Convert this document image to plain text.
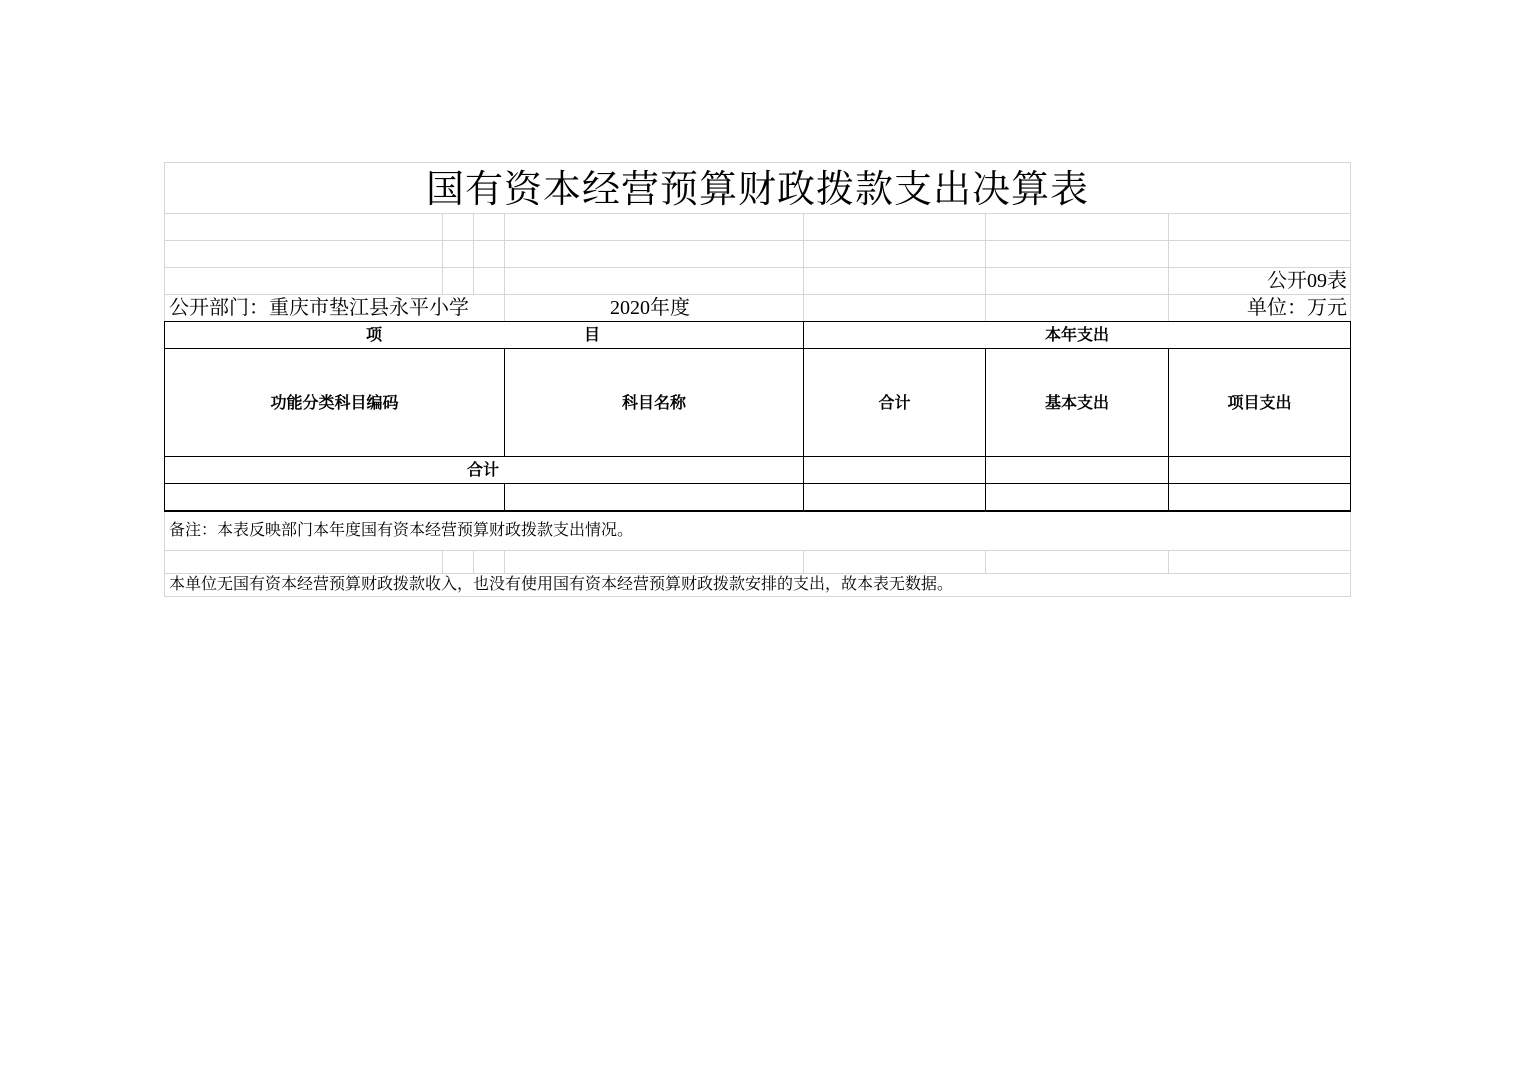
国有资本经营预算财政拨款支出决算表
公开09表
公开部门：重庆市垫江县永平小学	2020年度	单位：万元
项	目	本年支出
功能分类科目编码	科目名称	合计	基本支出	项目支出
合计
备注：本表反映部门本年度国有资本经营预算财政拨款支出情况。
本单位无国有资本经营预算财政拨款收入，也没有使用国有资本经营预算财政拨款安排的支出，故本表无数据。
